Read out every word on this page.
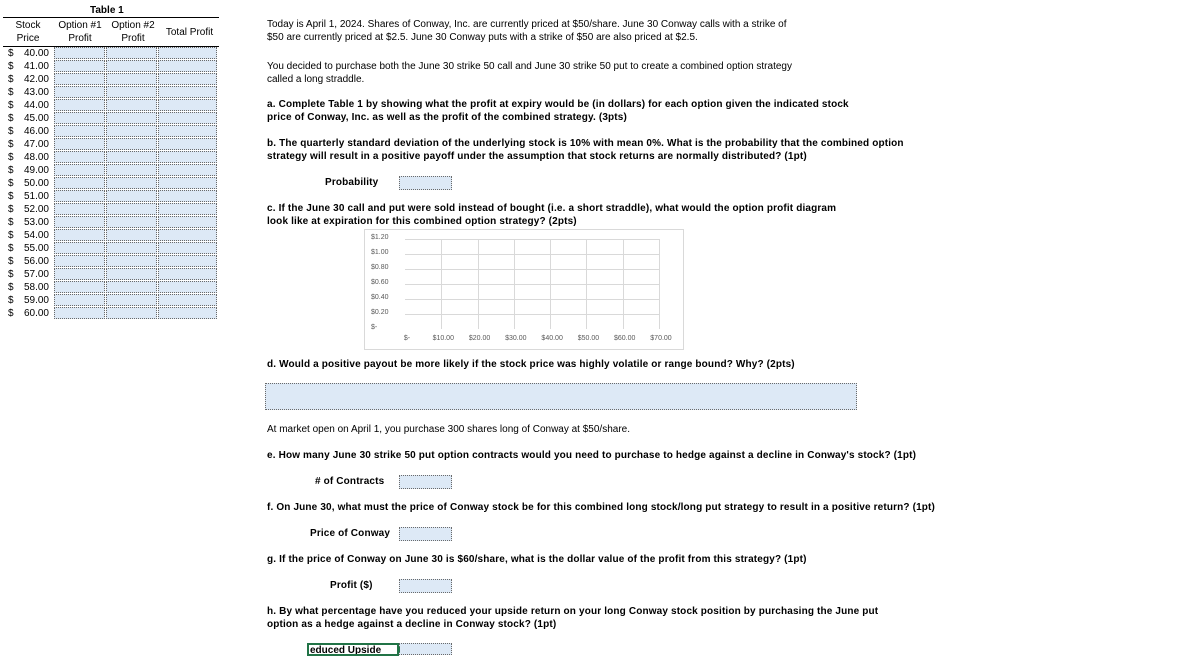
Table 1
Stock
Price
Option #1
Profit
Option #2
Profit
Total Profit
$ 40.00
$ 41.00
$ 42.00
$ 43.00
$ 44.00
$ 45.00
$ 46.00
$ 47.00
$ 48.00
$ 49.00
$ 50.00
$ 51.00
$ 52.00
$ 53.00
$ 54.00
$ 55.00
$ 56.00
$ 57.00
$ 58.00
$ 59.00
$ 60.00
Today is April 1, 2024. Shares of Conway, Inc. are currently priced at $50/share. June 30 Conway calls with a strike of
$50 are currently priced at $2.5. June 30 Conway puts with a strike of $50 are also priced at $2.5.
You decided to purchase both the June 30 strike 50 call and June 30 strike 50 put to create a combined option strategy
called a long straddle.
a. Complete Table 1 by showing what the profit at expiry would be (in dollars) for each option given the indicated stock
price of Conway, Inc. as well as the profit of the combined strategy. (3pts)
b. The quarterly standard deviation of the underlying stock is 10% with mean 0%. What is the probability that the combined option
strategy will result in a positive payoff under the assumption that stock returns are normally distributed? (1pt)
Probability
c. If the June 30 call and put were sold instead of bought (i.e. a short straddle), what would the option profit diagram
look like at expiration for this combined option strategy? (2pts)
$1.20
$1.00
$0.80
$0.60
$0.40
$0.20
$-
$-	$10.00 $20.00 $30.00 $40.00 $50.00 $60.00 $70.00
d. Would a positive payout be more likely if the stock price was highly volatile or range bound? Why? (2pts)
At market open on April 1, you purchase 300 shares long of Conway at $50/share.
e. How many June 30 strike 50 put option contracts would you need to purchase to hedge against a decline in Conway's stock? (1pt)
# of Contracts
f. On June 30, what must the price of Conway stock be for this combined long stock/long put strategy to result in a positive return? (1pt)
Price of Conway
g. If the price of Conway on June 30 is $60/share, what is the dollar value of the profit from this strategy? (1pt)
Profit ($)
h. By what percentage have you reduced your upside return on your long Conway stock position by purchasing the June put
option as a hedge against a decline in Conway stock? (1pt)
educed Upside
